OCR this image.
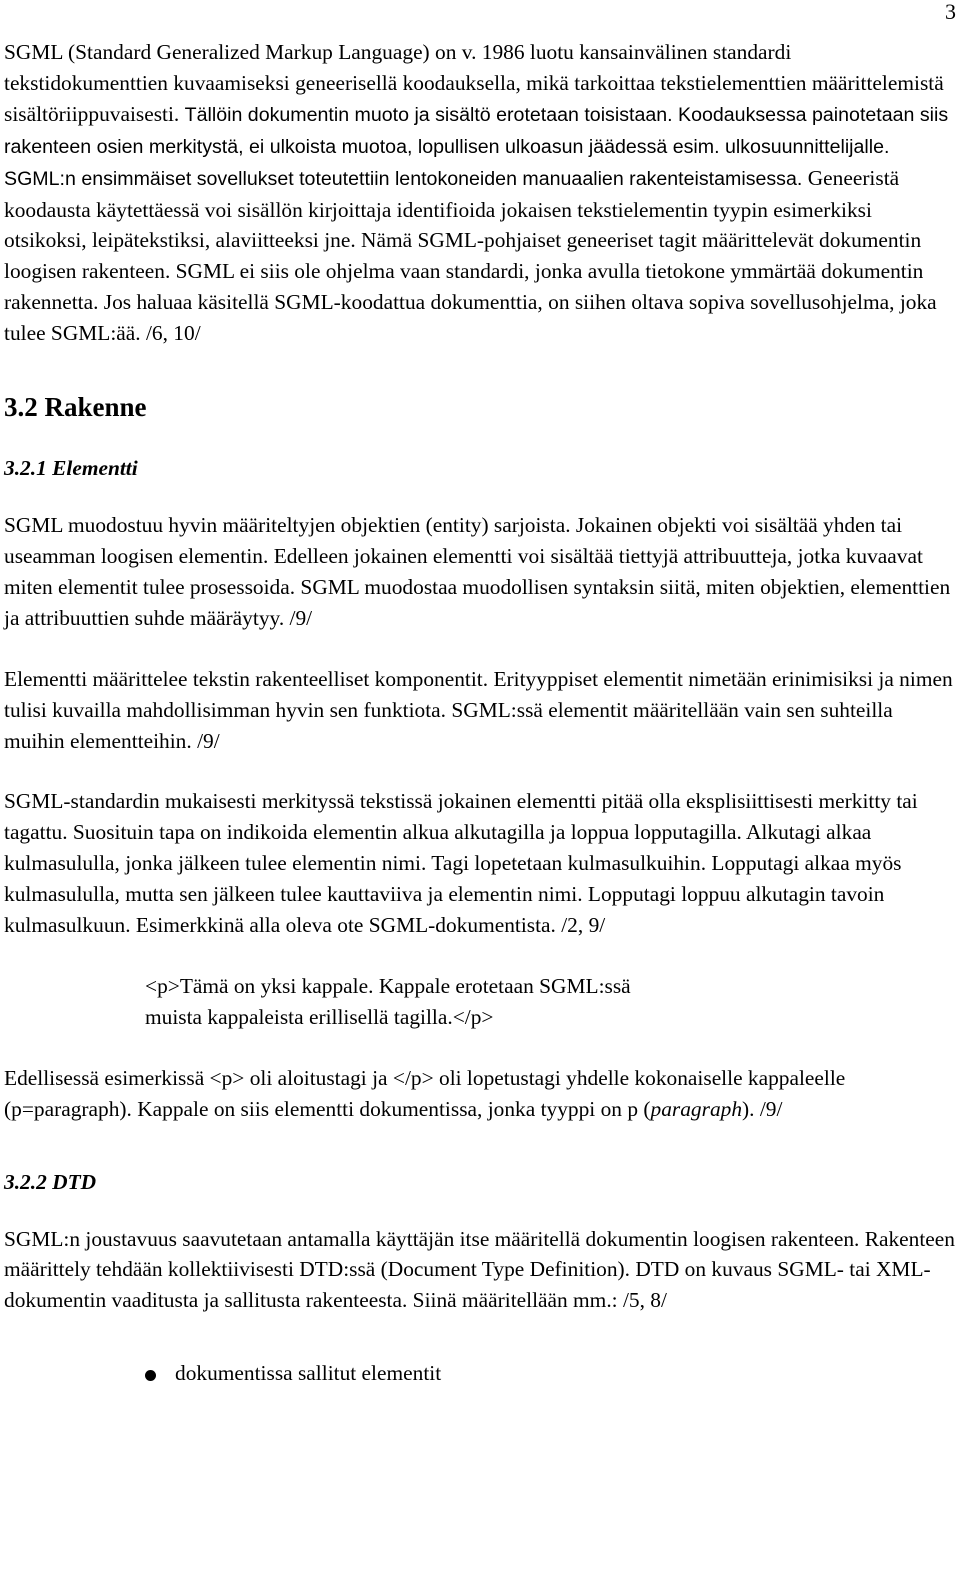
3

SGML (Standard Generalized Markup Language) on v. 1986 luotu kansainvälinen standardi tekstidokumenttien kuvaamiseksi geneerisellä koodauksella, mikä tarkoittaa tekstielementtien määrittelemistä sisältöriippuvaisesti. Tällöin dokumentin muoto ja sisältö erotetaan toisistaan. Koodauksessa painotetaan siis rakenteen osien merkitystä, ei ulkoista muotoa, lopullisen ulkoasun jäädessä esim. ulkosuunnittelijalle. SGML:n ensimmäiset sovellukset toteutettiin lentokoneiden manuaalien rakenteistamisessa. Geneeristä koodausta käytettäessä voi sisällön kirjoittaja identifioida jokaisen tekstielementin tyypin esimerkiksi otsikoksi, leipätekstiksi, alaviitteeksi jne. Nämä SGML-pohjaiset geneeriset tagit määrittelevät dokumentin loogisen rakenteen. SGML ei siis ole ohjelma vaan standardi, jonka avulla tietokone ymmärtää dokumentin rakennetta. Jos haluaa käsitellä SGML-koodattua dokumenttia, on siihen oltava sopiva sovellusohjelma, joka tulee SGML:ää. /6, 10/

3.2 Rakenne
3.2.1 Elementti

SGML muodostuu hyvin määriteltyjen objektien (entity) sarjoista. Jokainen objekti voi sisältää yhden tai useamman loogisen elementin. Edelleen jokainen elementti voi sisältää tiettyjä attribuutteja, jotka kuvaavat miten elementit tulee prosessoida. SGML muodostaa muodollisen syntaksin siitä, miten objektien, elementtien ja attribuuttien suhde määräytyy. /9/

Elementti määrittelee tekstin rakenteelliset komponentit. Erityyppiset elementit nimetään erinimisiksi ja nimen tulisi kuvailla mahdollisimman hyvin sen funktiota. SGML:ssä elementit määritellään vain sen suhteilla muihin elementteihin. /9/

SGML-standardin mukaisesti merkityssä tekstissä jokainen elementti pitää olla eksplisiittisesti merkitty tai tagattu. Suosituin tapa on indikoida elementin alkua alkutagilla ja loppua lopputagilla. Alkutagi alkaa kulmasululla, jonka jälkeen tulee elementin nimi. Tagi lopetetaan kulmasulkuihin. Lopputagi alkaa myös kulmasululla, mutta sen jälkeen tulee kauttaviiva ja elementin nimi. Lopputagi loppuu alkutagin tavoin kulmasulkuun. Esimerkkinä alla oleva ote SGML-dokumentista. /2, 9/

<p>Tämä on yksi kappale. Kappale erotetaan SGML:ssä
muista kappaleista erillisellä tagilla.</p>

Edellisessä esimerkissä <p> oli aloitustagi ja </p> oli lopetustagi yhdelle kokonaiselle kappaleelle (p=paragraph). Kappale on siis elementti dokumentissa, jonka tyyppi on p (paragraph). /9/

3.2.2 DTD

SGML:n joustavuus saavutetaan antamalla käyttäjän itse määritellä dokumentin loogisen rakenteen. Rakenteen määrittely tehdään kollektiivisesti DTD:ssä (Document Type Definition). DTD on kuvaus SGML- tai XML-dokumentin vaaditusta ja sallitusta rakenteesta. Siinä määritellään mm.: /5, 8/

dokumentissa sallitut elementit
